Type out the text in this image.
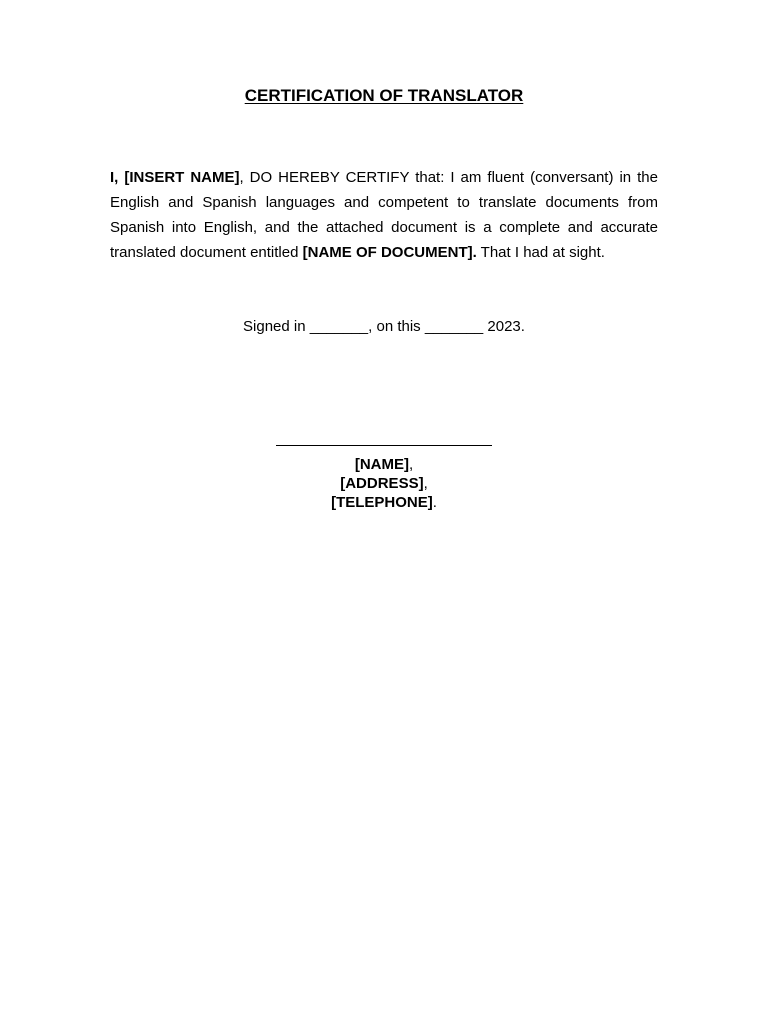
CERTIFICATION OF TRANSLATOR

I, [INSERT NAME], DO HEREBY CERTIFY that: I am fluent (conversant) in the English and Spanish languages and competent to translate documents from Spanish into English, and the attached document is a complete and accurate translated document entitled [NAME OF DOCUMENT]. That I had at sight.

Signed in _______, on this _______ 2023.

[NAME],
[ADDRESS],
[TELEPHONE].
